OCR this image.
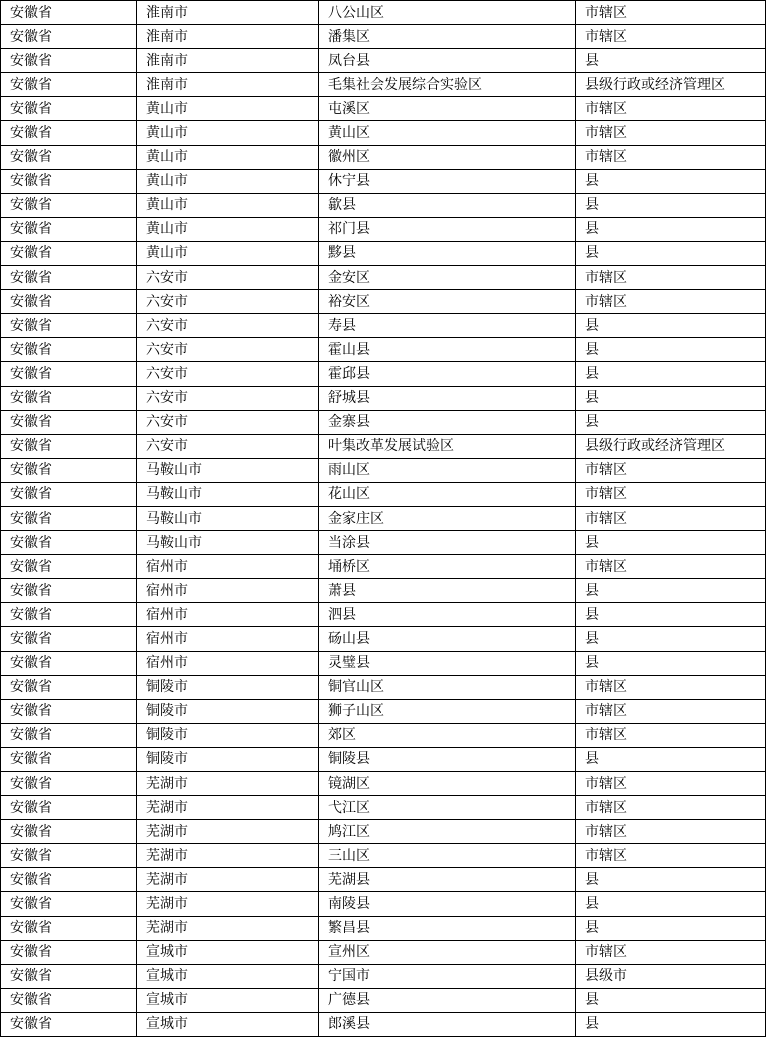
安徽省	淮南市	八公山区	市辖区
安徽省	淮南市	潘集区	市辖区
安徽省	淮南市	凤台县	县
安徽省	淮南市	毛集社会发展综合实验区	县级行政或经济管理区
安徽省	黄山市	屯溪区	市辖区
安徽省	黄山市	黄山区	市辖区
安徽省	黄山市	徽州区	市辖区
安徽省	黄山市	休宁县	县
安徽省	黄山市	歙县	县
安徽省	黄山市	祁门县	县
安徽省	黄山市	黟县	县
安徽省	六安市	金安区	市辖区
安徽省	六安市	裕安区	市辖区
安徽省	六安市	寿县	县
安徽省	六安市	霍山县	县
安徽省	六安市	霍邱县	县
安徽省	六安市	舒城县	县
安徽省	六安市	金寨县	县
安徽省	六安市	叶集改革发展试验区	县级行政或经济管理区
安徽省	马鞍山市	雨山区	市辖区
安徽省	马鞍山市	花山区	市辖区
安徽省	马鞍山市	金家庄区	市辖区
安徽省	马鞍山市	当涂县	县
安徽省	宿州市	埇桥区	市辖区
安徽省	宿州市	萧县	县
安徽省	宿州市	泗县	县
安徽省	宿州市	砀山县	县
安徽省	宿州市	灵璧县	县
安徽省	铜陵市	铜官山区	市辖区
安徽省	铜陵市	狮子山区	市辖区
安徽省	铜陵市	郊区	市辖区
安徽省	铜陵市	铜陵县	县
安徽省	芜湖市	镜湖区	市辖区
安徽省	芜湖市	弋江区	市辖区
安徽省	芜湖市	鸠江区	市辖区
安徽省	芜湖市	三山区	市辖区
安徽省	芜湖市	芜湖县	县
安徽省	芜湖市	南陵县	县
安徽省	芜湖市	繁昌县	县
安徽省	宣城市	宣州区	市辖区
安徽省	宣城市	宁国市	县级市
安徽省	宣城市	广德县	县
安徽省	宣城市	郎溪县	县
